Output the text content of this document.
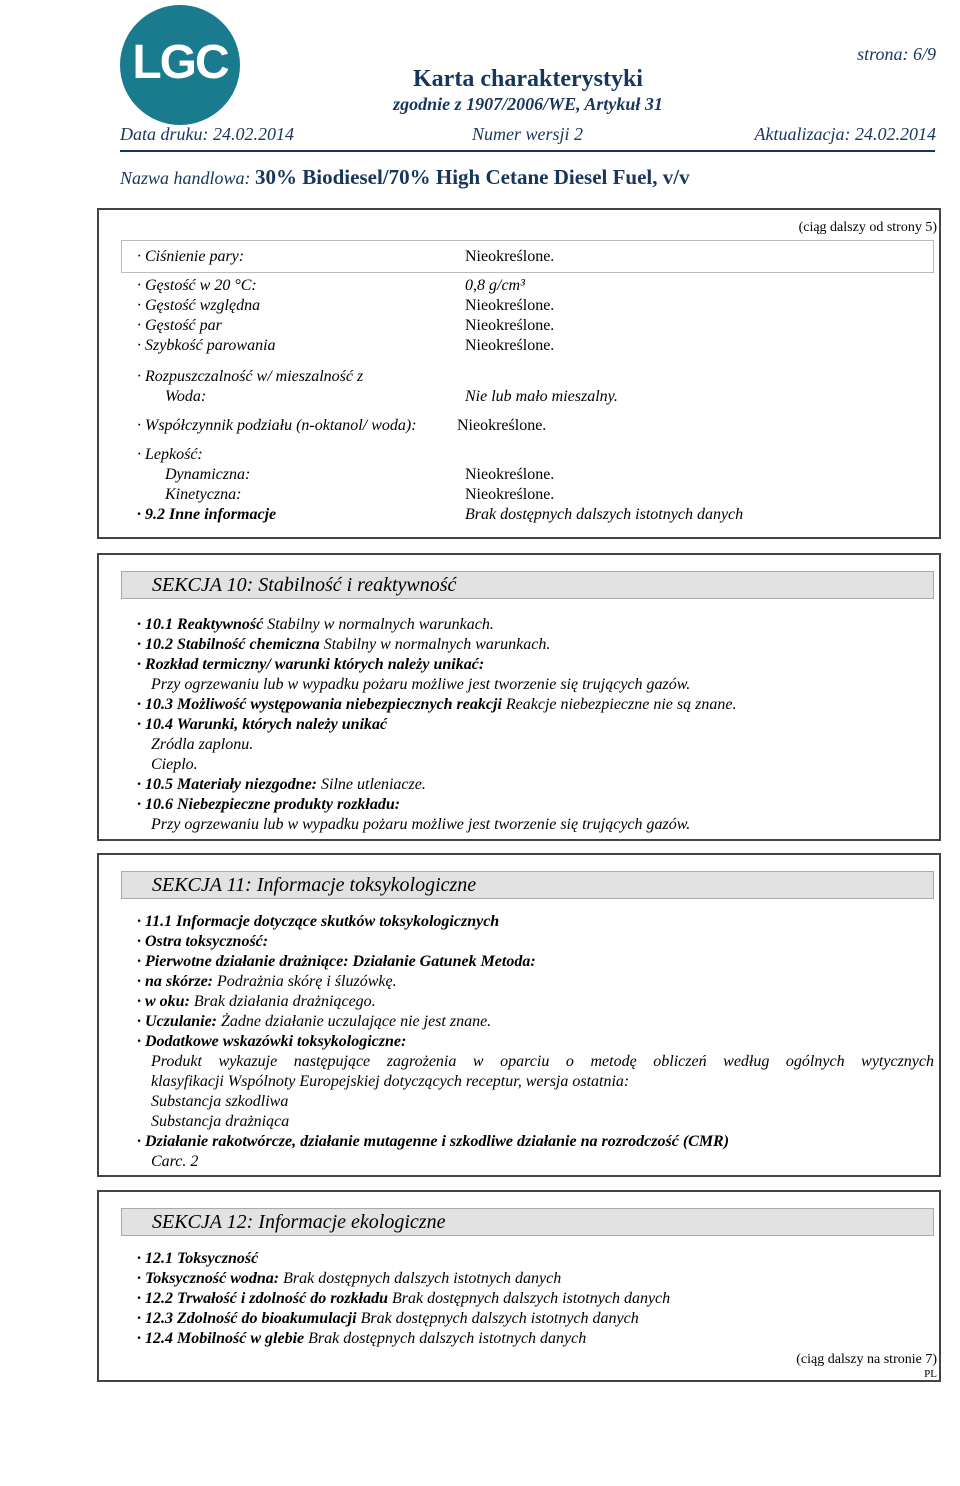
LGC	Karta charakterystyki
zgodnie z 1907/2006/WE, Artykuł 31
strona: 6/9
Data druku: 24.02.2014	Numer wersji 2	Aktualizacja: 24.02.2014
Nazwa handlowa: 30% Biodiesel/70% High Cetane Diesel Fuel, v/v
(ciąg dalszy od strony 5)
· Ciśnienie pary:	Nieokreślone.
· Gęstość w 20 °C:	0,8 g/cm³
· Gęstość względna	Nieokreślone.
· Gęstość par	Nieokreślone.
· Szybkość parowania	Nieokreślone.
· Rozpuszczalność w/ mieszalność z
Woda:	Nie lub mało mieszalny.
· Współczynnik podziału (n-oktanol/ woda):	Nieokreślone.
· Lepkość:
Dynamiczna:	Nieokreślone.
Kinetyczna:	Nieokreślone.
· 9.2 Inne informacje	Brak dostępnych dalszych istotnych danych
SEKCJA 10: Stabilność i reaktywność
· 10.1 Reaktywność Stabilny w normalnych warunkach.
· 10.2 Stabilność chemiczna Stabilny w normalnych warunkach.
· Rozkład termiczny/ warunki których należy unikać:
Przy ogrzewaniu lub w wypadku pożaru możliwe jest tworzenie się trujących gazów.
· 10.3 Możliwość występowania niebezpiecznych reakcji Reakcje niebezpieczne nie są znane.
· 10.4 Warunki, których należy unikać
Zródla zaplonu.
Cieplo.
· 10.5 Materiały niezgodne: Silne utleniacze.
· 10.6 Niebezpieczne produkty rozkładu:
Przy ogrzewaniu lub w wypadku pożaru możliwe jest tworzenie się trujących gazów.
SEKCJA 11: Informacje toksykologiczne
· 11.1 Informacje dotyczące skutków toksykologicznych
· Ostra toksyczność:
· Pierwotne działanie drażniące: Działanie Gatunek Metoda:
· na skórze: Podrażnia skórę i śluzówkę.
· w oku: Brak działania drażniącego.
· Uczulanie: Żadne działanie uczulające nie jest znane.
· Dodatkowe wskazówki toksykologiczne:
Produkt wykazuje następujące zagrożenia w oparciu o metodę obliczeń według ogólnych wytycznych
klasyfikacji Wspólnoty Europejskiej dotyczących receptur, wersja ostatnia:
Substancja szkodliwa
Substancja drażniąca
· Działanie rakotwórcze, działanie mutagenne i szkodliwe działanie na rozrodczość (CMR)
Carc. 2
SEKCJA 12: Informacje ekologiczne
· 12.1 Toksyczność
· Toksyczność wodna: Brak dostępnych dalszych istotnych danych
· 12.2 Trwałość i zdolność do rozkładu Brak dostępnych dalszych istotnych danych
· 12.3 Zdolność do bioakumulacji Brak dostępnych dalszych istotnych danych
· 12.4 Mobilność w glebie Brak dostępnych dalszych istotnych danych
(ciąg dalszy na stronie 7)
PL
